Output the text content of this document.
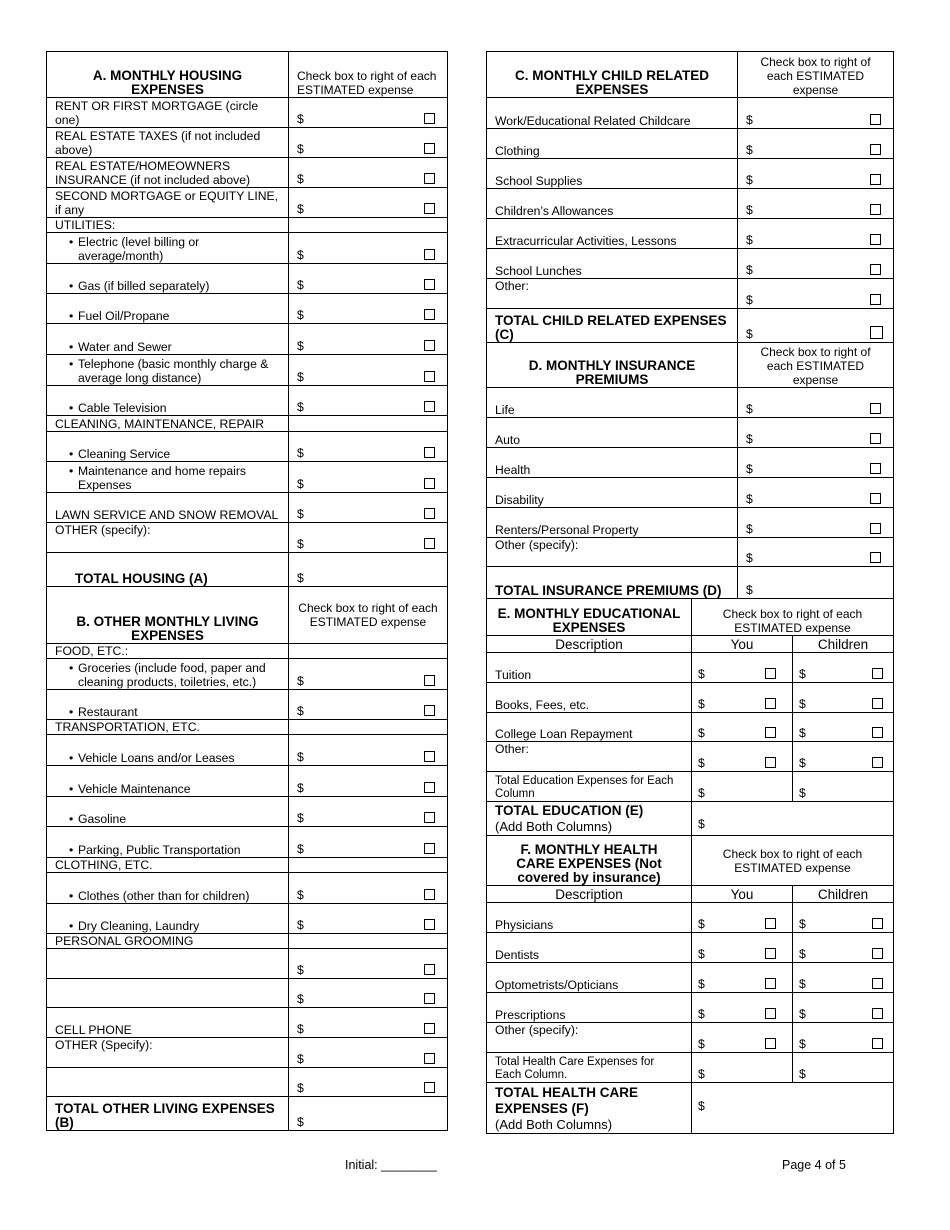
A. MONTHLY HOUSING EXPENSES	Check box to right of each ESTIMATED expense
RENT OR FIRST MORTGAGE (circle one)	$

REAL ESTATE TAXES (if not included above)	$

REAL ESTATE/HOMEOWNERS INSURANCE (if not included above)	$

SECOND MORTGAGE or EQUITY LINE, if any	$

UTILITIES:	

• Electric (level billing or average/month)	$

• Gas (if billed separately)	$

• Fuel Oil/Propane	$

• Water and Sewer	$

• Telephone (basic monthly charge & average long distance)	$

• Cable Television	$

CLEANING, MAINTENANCE, REPAIR	

• Cleaning Service	$

• Maintenance and home repairs Expenses	$

LAWN SERVICE AND SNOW REMOVAL	$

OTHER (specify):	$

TOTAL HOUSING (A)	$
B. OTHER MONTHLY LIVING EXPENSES	Check box to right of each ESTIMATED expense
FOOD, ETC.:	

• Groceries (include food, paper and cleaning products, toiletries, etc.)	$

• Restaurant	$

TRANSPORTATION, ETC.	

• Vehicle Loans and/or Leases	$

• Vehicle Maintenance	$

• Gasoline	$

• Parking, Public Transportation	$

CLOTHING, ETC.	

• Clothes (other than for children)	$

• Dry Cleaning, Laundry	$

PERSONAL GROOMING	

	$

	$

CELL PHONE	$

OTHER (Specify):	$

	$

TOTAL OTHER LIVING EXPENSES (B)	$
C. MONTHLY CHILD RELATED EXPENSES	Check box to right of each ESTIMATED expense
Work/Educational Related Childcare	$

Clothing	$

School Supplies	$

Children’s Allowances	$

Extracurricular Activities, Lessons	$

School Lunches	$

Other:	$

TOTAL CHILD RELATED EXPENSES (C)	$
D. MONTHLY INSURANCE PREMIUMS	Check box to right of each ESTIMATED expense
Life	$

Auto	$

Health	$

Disability	$

Renters/Personal Property	$

Other (specify):	$

TOTAL INSURANCE PREMIUMS (D)	$
E. MONTHLY EDUCATIONAL EXPENSES	Check box to right of each ESTIMATED expense	
Description	You	Children
Tuition	$	$

Books, Fees, etc.	$	$

College Loan Repayment	$	$

Other:	$	$

Total Education Expenses for Each Column	$	$

TOTAL EDUCATION (E)
(Add Both Columns)	$	
F. MONTHLY HEALTH CARE EXPENSES (Not covered by insurance)	Check box to right of each ESTIMATED expense	
Description	You	Children
Physicians	$	$

Dentists	$	$

Optometrists/Opticians	$	$

Prescriptions	$	$

Other (specify):	$	$

Total Health Care Expenses for Each Column.	$	$

TOTAL HEALTH CARE EXPENSES (F)
(Add Both Columns)	$	
Initial: ________	Page 4 of 5
